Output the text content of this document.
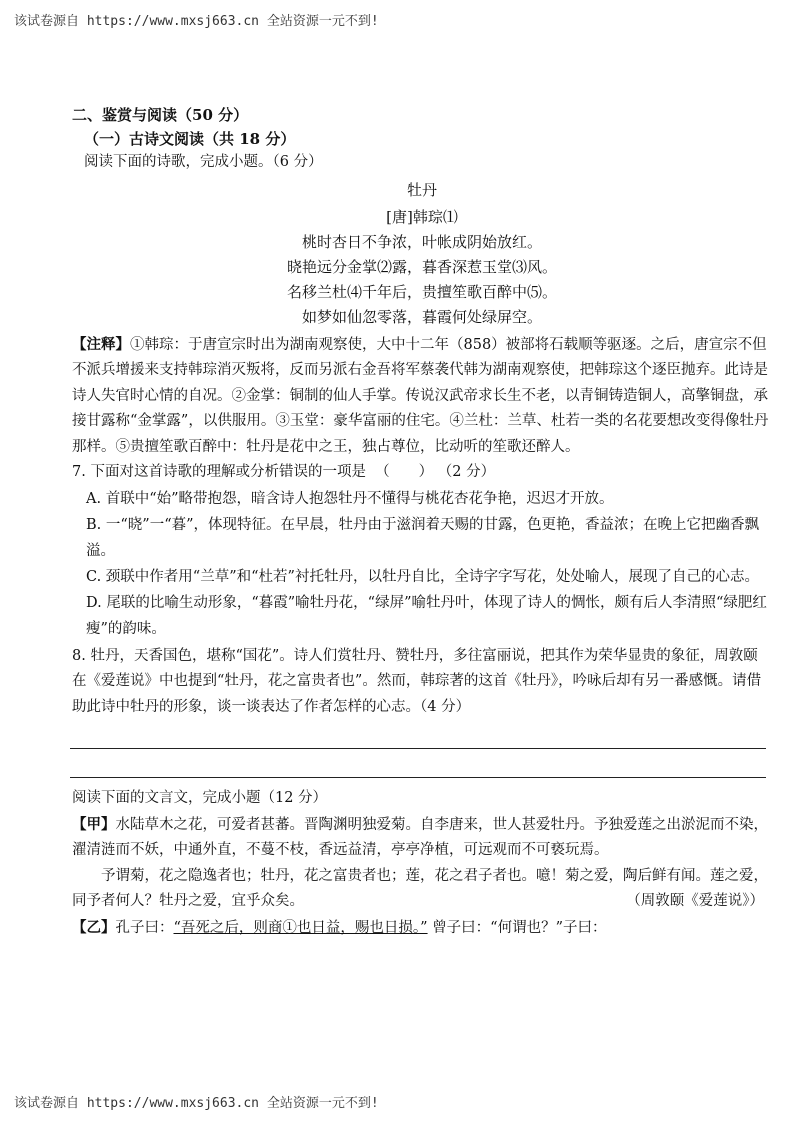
该试卷源自 https://www.mxsj663.cn 全站资源一元不到!
二、鉴赏与阅读（50 分）
（一）古诗文阅读（共 18 分）

阅读下面的诗歌，完成小题。（6 分）

牡丹
[唐]韩琮⑴
桃时杏日不争浓，叶帐成阴始放红。
晓艳远分金掌⑵露，暮香深惹玉堂⑶风。
名移兰杜⑷千年后，贵擅笙歌百醉中⑸。
如梦如仙忽零落，暮霞何处绿屏空。

【注释】①韩琮：于唐宣宗时出为湖南观察使，大中十二年（858）被部将石载顺等驱逐。之后，唐宣宗不但不派兵增援来支持韩琮消灭叛将，反而另派右金吾将军蔡袭代韩为湖南观察使，把韩琮这个逐臣抛弃。此诗是诗人失官时心情的自况。②金掌：铜制的仙人手掌。传说汉武帝求长生不老，以青铜铸造铜人，高擎铜盘，承接甘露称“金掌露”，以供服用。③玉堂：豪华富丽的住宅。④兰杜：兰草、杜若一类的名花要想改变得像牡丹那样。⑤贵擅笙歌百醉中：牡丹是花中之王，独占尊位，比动听的笙歌还醉人。

7. 下面对这首诗歌的理解或分析错误的一项是 （　　） （2 分）

A. 首联中“始”略带抱怨，暗含诗人抱怨牡丹不懂得与桃花杏花争艳，迟迟才开放。

B. 一“晓”一“暮”，体现特征。在早晨，牡丹由于滋润着天赐的甘露，色更艳，香益浓；在晚上它把幽香飘溢。

C. 颈联中作者用“兰草”和“杜若”衬托牡丹，以牡丹自比，全诗字字写花，处处喻人，展现了自己的心志。

D. 尾联的比喻生动形象，“暮霞”喻牡丹花，“绿屏”喻牡丹叶，体现了诗人的惆怅，颇有后人李清照“绿肥红瘦”的韵味。

8. 牡丹，天香国色，堪称“国花”。诗人们赏牡丹、赞牡丹，多往富丽说，把其作为荣华显贵的象征，周敦颐在《爱莲说》中也提到“牡丹，花之富贵者也”。然而，韩琮著的这首《牡丹》，吟咏后却有另一番感慨。请借助此诗中牡丹的形象，谈一谈表达了作者怎样的心志。（4 分）

阅读下面的文言文，完成小题（12 分）

【甲】水陆草木之花，可爱者甚蕃。晋陶渊明独爱菊。自李唐来，世人甚爱牡丹。予独爱莲之出淤泥而不染，濯清涟而不妖，中通外直，不蔓不枝，香远益清，亭亭净植，可远观而不可亵玩焉。

予谓菊，花之隐逸者也；牡丹，花之富贵者也；莲，花之君子者也。噫！菊之爱，陶后鲜有闻。莲之爱，同予者何人？牡丹之爱，宜乎众矣。	（周敦颐《爱莲说》）

【乙】孔子曰：“吾死之后，则商①也日益，赐也日损。” 曾子曰：“何谓也？”子曰：

该试卷源自 https://www.mxsj663.cn 全站资源一元不到!
